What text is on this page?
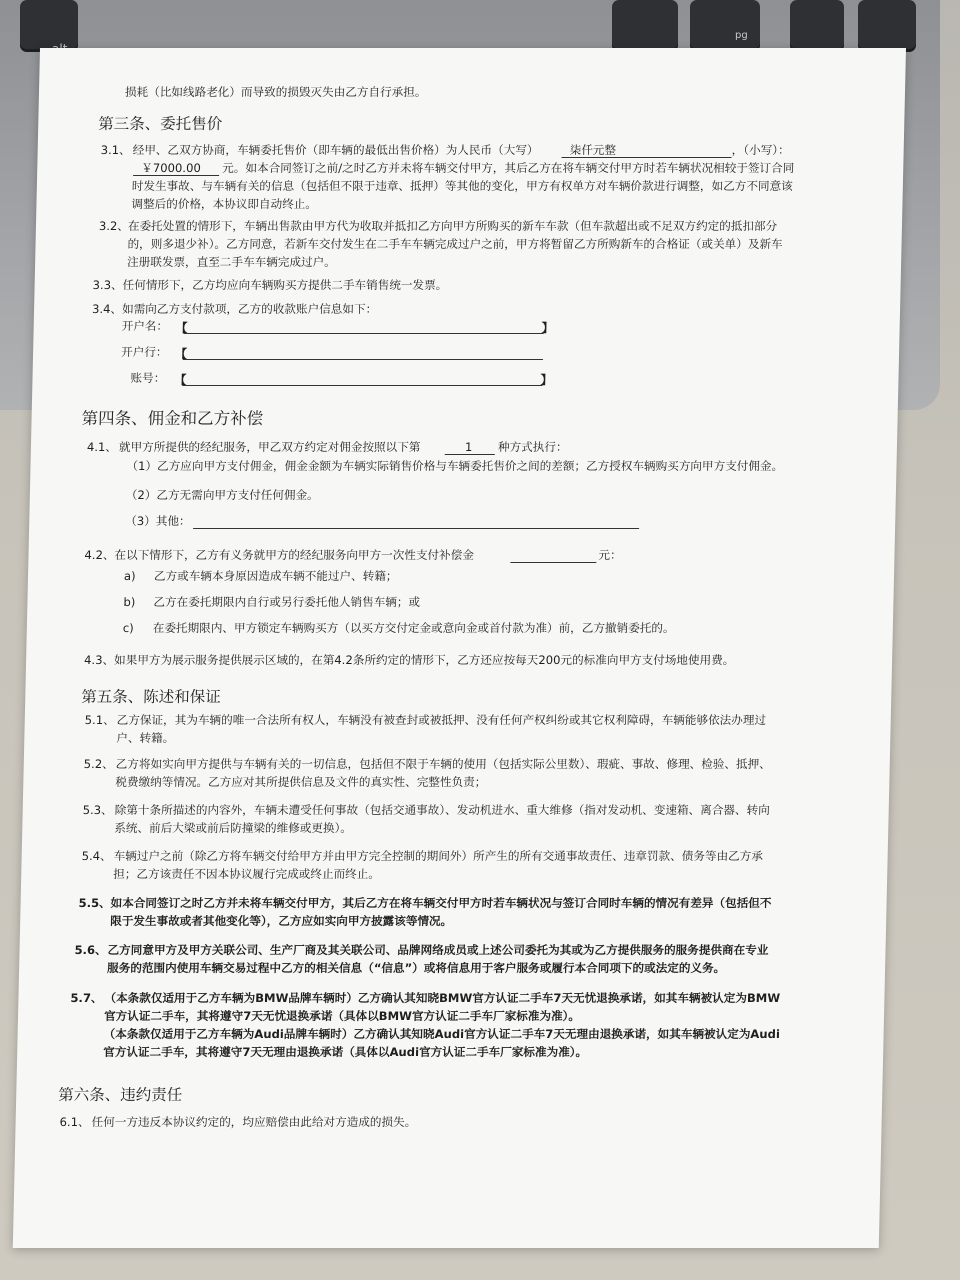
pg
损耗（比如线路老化）而导致的损毁灭失由乙方自行承担。
第三条、委托售价
3.1、 经甲、乙双方协商，车辆委托售价（即车辆的最低出售价格）为人民币（大写）	柒仟元整	，（小写）：
￥7000.00 元。如本合同签订之前/之时乙方并未将车辆交付甲方，其后乙方在将车辆交付甲方时若车辆状况相较于签订合同
时发生事故、与车辆有关的信息（包括但不限于违章、抵押）等其他的变化，甲方有权单方对车辆价款进行调整，如乙方不同意该
调整后的价格，本协议即自动终止。
3.2、
在委托处置的情形下，车辆出售款由甲方代为收取并抵扣乙方向甲方所购买的新车车款（但车款超出或不足双方约定的抵扣部分
的，则多退少补）。乙方同意，若新车交付发生在二手车车辆完成过户之前，甲方将暂留乙方所购新车的合格证（或关单）及新车
注册联发票，直至二手车车辆完成过户。
3.3、 任何情形下，乙方均应向车辆购买方提供二手车销售统一发票。
3.4、 如需向乙方支付款项，乙方的收款账户信息如下：
开户名： 【	】
开户行： 【
账号： 【	】
第四条、佣金和乙方补偿
4.1、 就甲方所提供的经纪服务，甲乙双方约定对佣金按照以下第	1 种方式执行：
（1）乙方应向甲方支付佣金，佣金金额为车辆实际销售价格与车辆委托售价之间的差额；乙方授权车辆购买方向甲方支付佣金。
（2）乙方无需向甲方支付任何佣金。
（3）其他：
4.2、 在以下情形下，乙方有义务就甲方的经纪服务向甲方一次性支付补偿金	元：
a) 乙方或车辆本身原因造成车辆不能过户、转籍；
b) 乙方在委托期限内自行或另行委托他人销售车辆；或
c) 在委托期限内、甲方锁定车辆购买方（以买方交付定金或意向金或首付款为准）前，乙方撤销委托的。
4.3、 如果甲方为展示服务提供展示区域的，在第4.2条所约定的情形下，乙方还应按每天200元的标准向甲方支付场地使用费。
第五条、陈述和保证
5.1、 乙方保证，其为车辆的唯一合法所有权人，车辆没有被查封或被抵押、没有任何产权纠纷或其它权利障碍，车辆能够依法办理过
户、转籍。
5.2、 乙方将如实向甲方提供与车辆有关的一切信息，包括但不限于车辆的使用（包括实际公里数）、瑕疵、事故、修理、检验、抵押、
税费缴纳等情况。乙方应对其所提供信息及文件的真实性、完整性负责；
5.3、 除第十条所描述的内容外，车辆未遭受任何事故（包括交通事故）、发动机进水、重大维修（指对发动机、变速箱、离合器、转向
系统、前后大梁或前后防撞梁的维修或更换）。
5.4、 车辆过户之前（除乙方将车辆交付给甲方并由甲方完全控制的期间外）所产生的所有交通事故责任、违章罚款、债务等由乙方承
担；乙方该责任不因本协议履行完成或终止而终止。
5.5、 如本合同签订之时乙方并未将车辆交付甲方，其后乙方在将车辆交付甲方时若车辆状况与签订合同时车辆的情况有差异（包括但不
限于发生事故或者其他变化等），乙方应如实向甲方披露该等情况。
5.6、 乙方同意甲方及甲方关联公司、生产厂商及其关联公司、品牌网络成员或上述公司委托为其或为乙方提供服务的服务提供商在专业
服务的范围内使用车辆交易过程中乙方的相关信息（“信息”）或将信息用于客户服务或履行本合同项下的或法定的义务。
5.7、 （本条款仅适用于乙方车辆为BMW品牌车辆时）乙方确认其知晓BMW官方认证二手车7天无忧退换承诺，如其车辆被认定为BMW
官方认证二手车，其将遵守7天无忧退换承诺（具体以BMW官方认证二手车厂家标准为准）。
（本条款仅适用于乙方车辆为Audi品牌车辆时）乙方确认其知晓Audi官方认证二手车7天无理由退换承诺，如其车辆被认定为Audi
官方认证二手车，其将遵守7天无理由退换承诺（具体以Audi官方认证二手车厂家标准为准）。
第六条、违约责任
6.1、 任何一方违反本协议约定的，均应赔偿由此给对方造成的损失。
